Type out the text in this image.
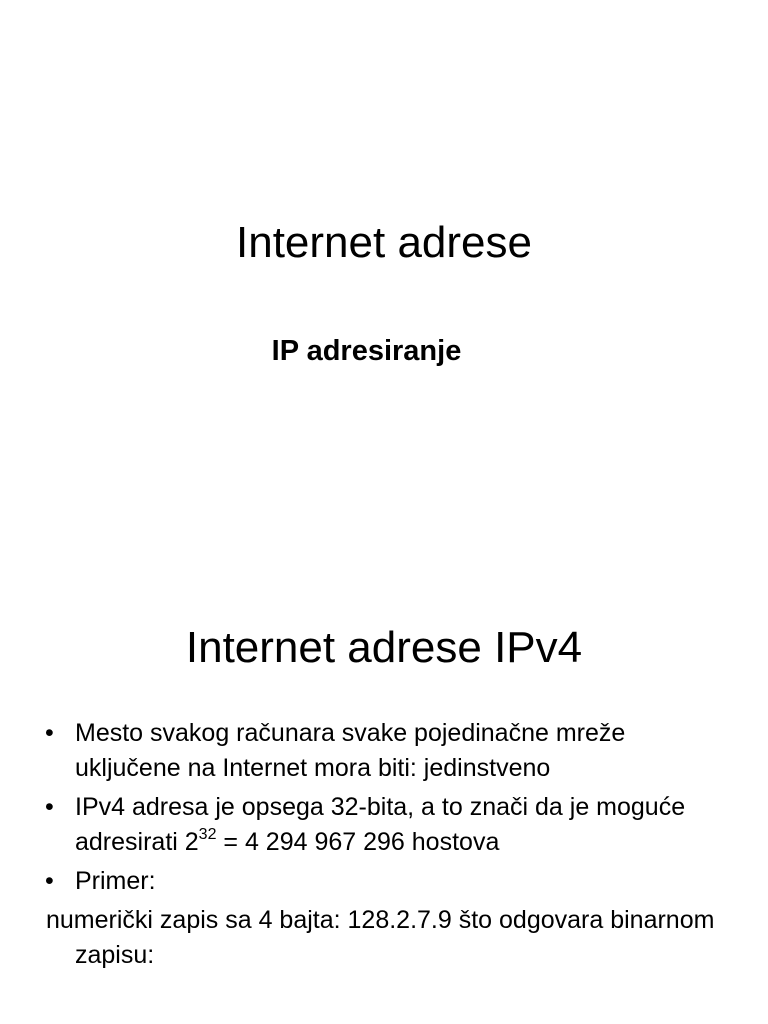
Internet adrese
IP adresiranje
Internet adrese IPv4
• Mesto svakog računara svake pojedinačne mreže uključene na Internet mora biti: jedinstveno
• IPv4 adresa je opsega 32-bita, a to znači da je moguće adresirati $2^{32} = 4$ 294 967 296 hostova
• Primer:
numerički zapis sa 4 bajta: 128.2.7.9 što odgovara binarnom zapisu:
